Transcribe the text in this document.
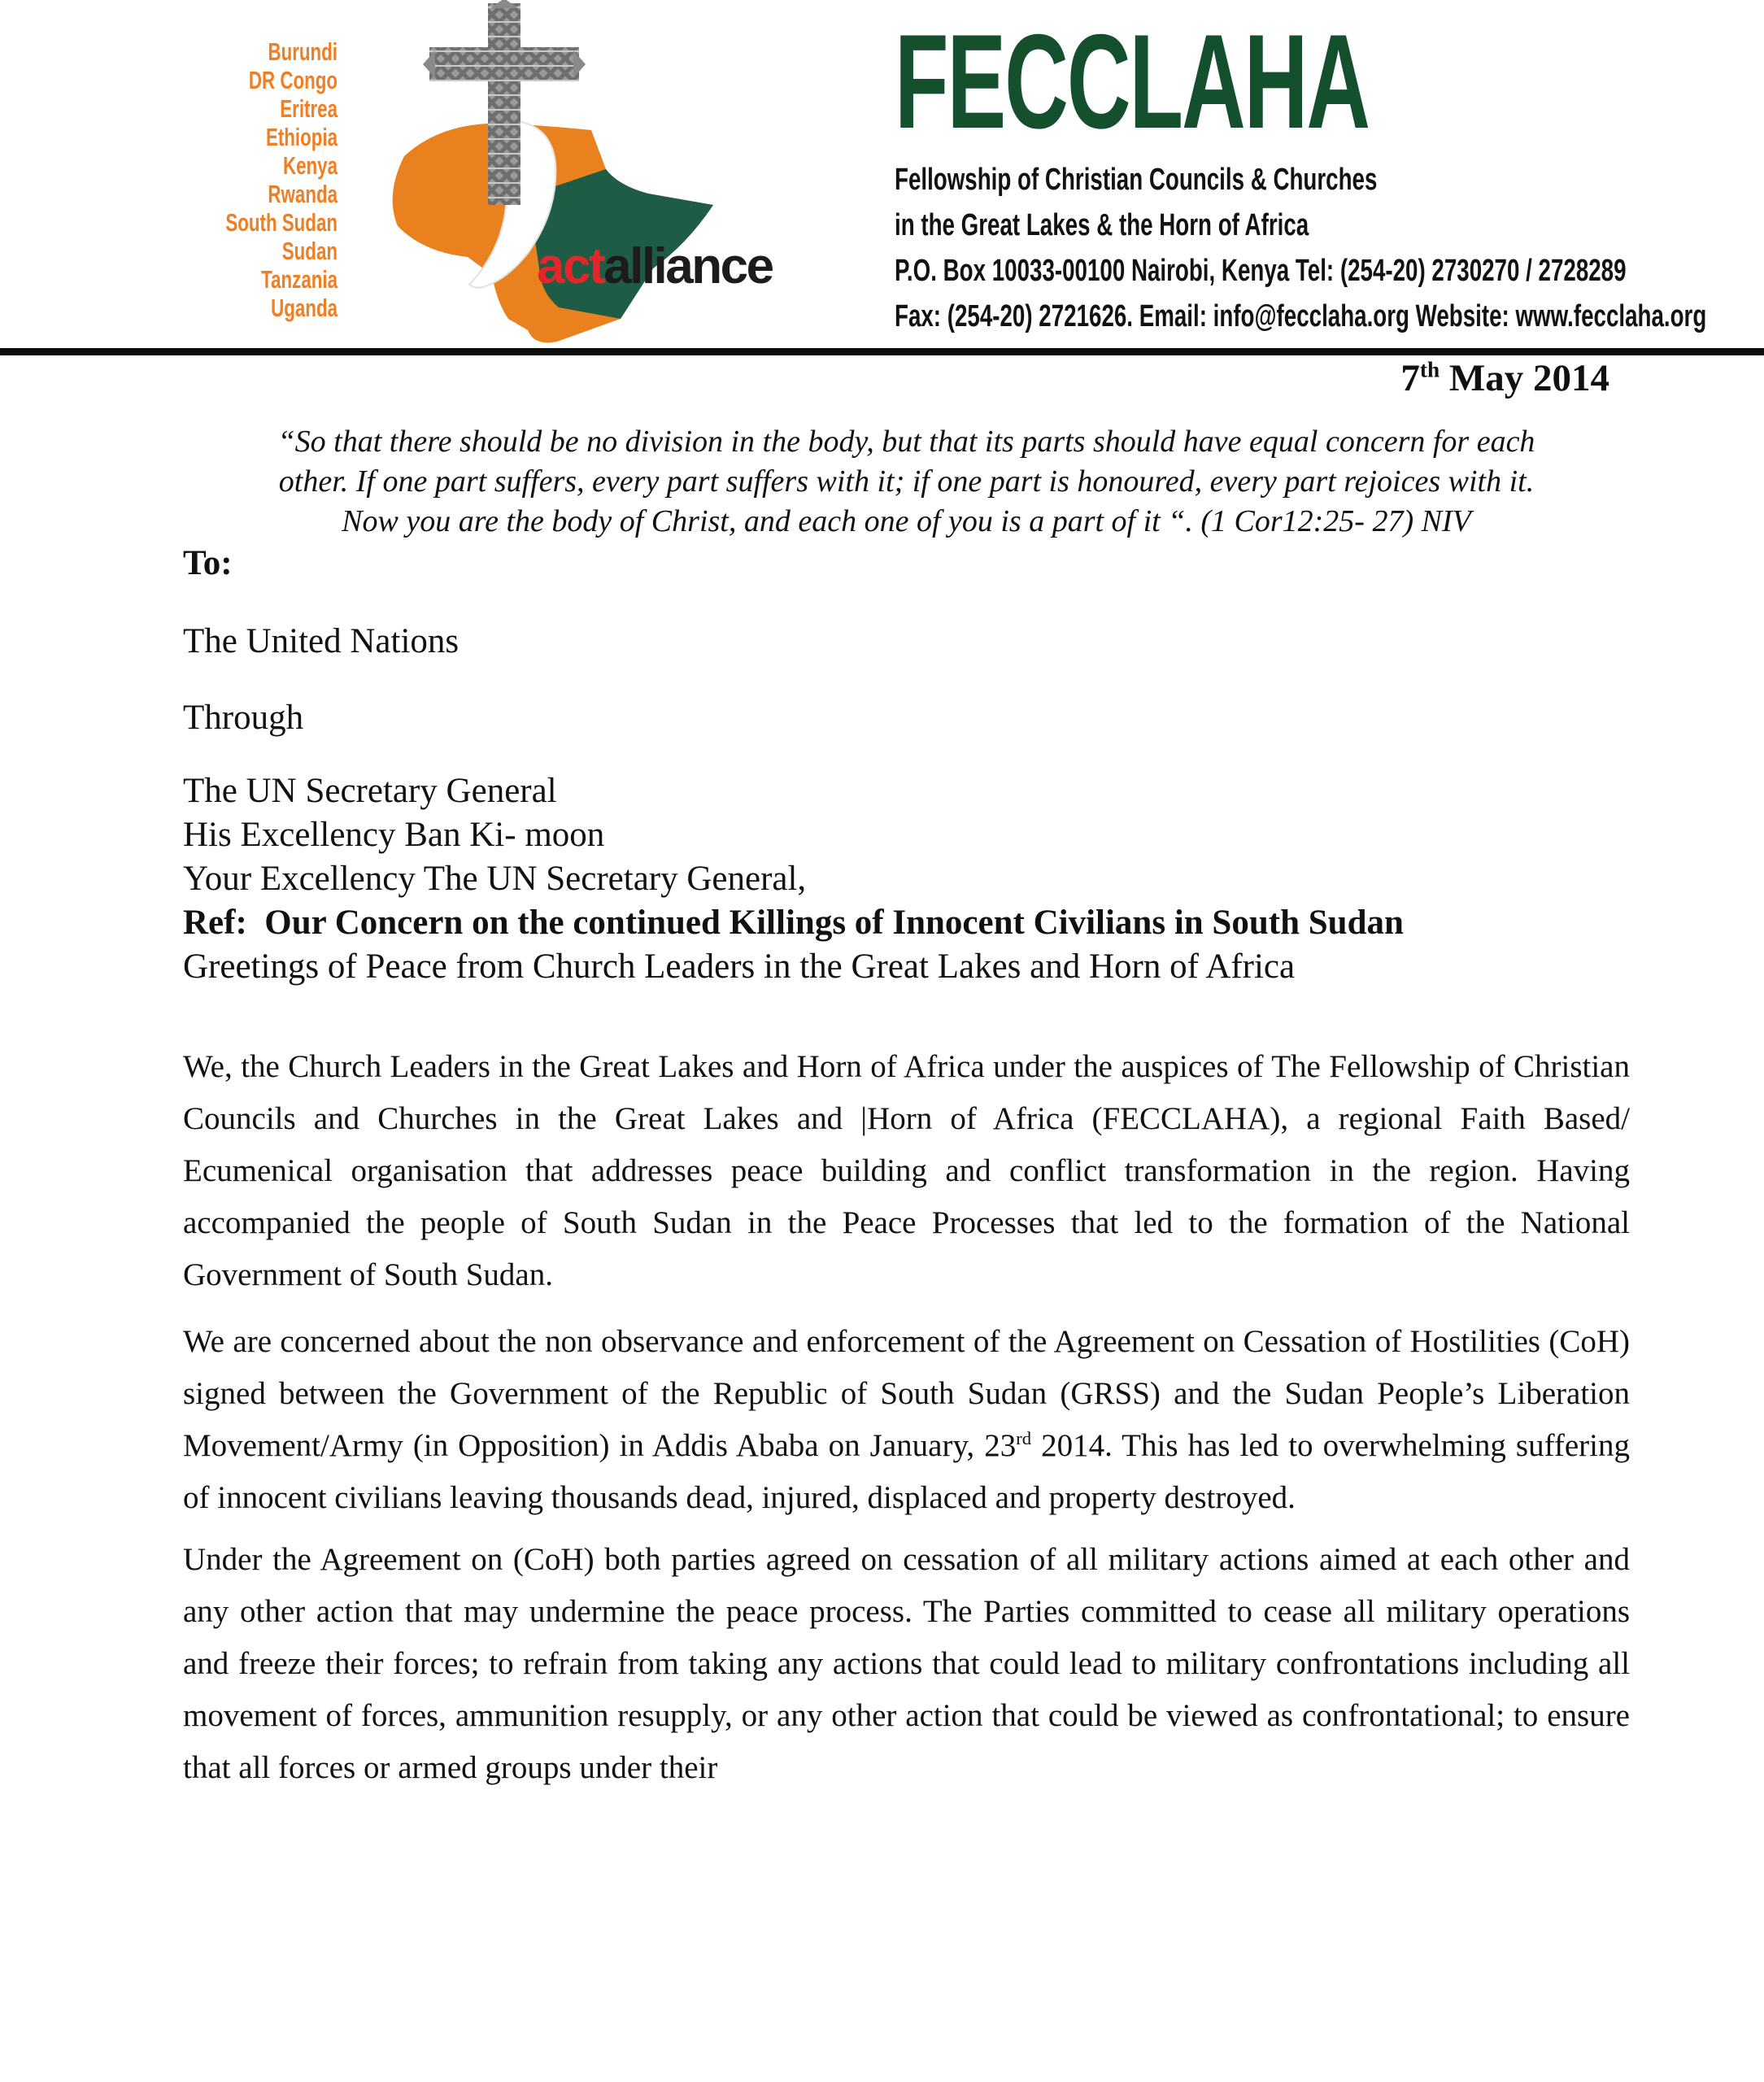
Burundi
DR Congo
Eritrea
Ethiopia
Kenya
Rwanda
South Sudan
Sudan
Tanzania
Uganda
actalliance
FECCLAHA

Fellowship of Christian Councils & Churches

in the Great Lakes & the Horn of Africa

P.O. Box 10033-00100 Nairobi, Kenya Tel: (254-20) 2730270 / 2728289

Fax: (254-20) 2721626. Email: info@fecclaha.org Website: www.fecclaha.org

7th May 2014

“So that there should be no division in the body, but that its parts should have equal concern for each
other. If one part suffers, every part suffers with it; if one part is honoured, every part rejoices with it.
Now you are the body of Christ, and each one of you is a part of it “. (1 Cor12:25- 27) NIV

To:

The United Nations

Through

The UN Secretary General

His Excellency Ban Ki- moon

Your Excellency The UN Secretary General,

Ref:  Our Concern on the continued Killings of Innocent Civilians in South Sudan

Greetings of Peace from Church Leaders in the Great Lakes and Horn of Africa

We, the Church Leaders in the Great Lakes and Horn of Africa under the auspices of The Fellowship of Christian Councils and Churches in the Great Lakes and |Horn of Africa (FECCLAHA), a regional Faith Based/ Ecumenical organisation that addresses peace building and conflict transformation in the region. Having accompanied the people of South Sudan in the Peace Processes that led to the formation of the National Government of South Sudan.

We are concerned about the non observance and enforcement of the Agreement on Cessation of Hostilities (CoH) signed between the Government of the Republic of South Sudan (GRSS) and the Sudan People’s Liberation Movement/Army (in Opposition) in Addis Ababa on January, 23rd 2014. This has led to overwhelming suffering of innocent civilians leaving thousands dead, injured, displaced and property destroyed.

Under the Agreement on (CoH) both parties agreed on cessation of all military actions aimed at each other and any other action that may undermine the peace process. The Parties committed to cease all military operations and freeze their forces; to refrain from taking any actions that could lead to military confrontations including all movement of forces, ammunition resupply, or any other action that could be viewed as confrontational; to ensure that all forces or armed groups under their
